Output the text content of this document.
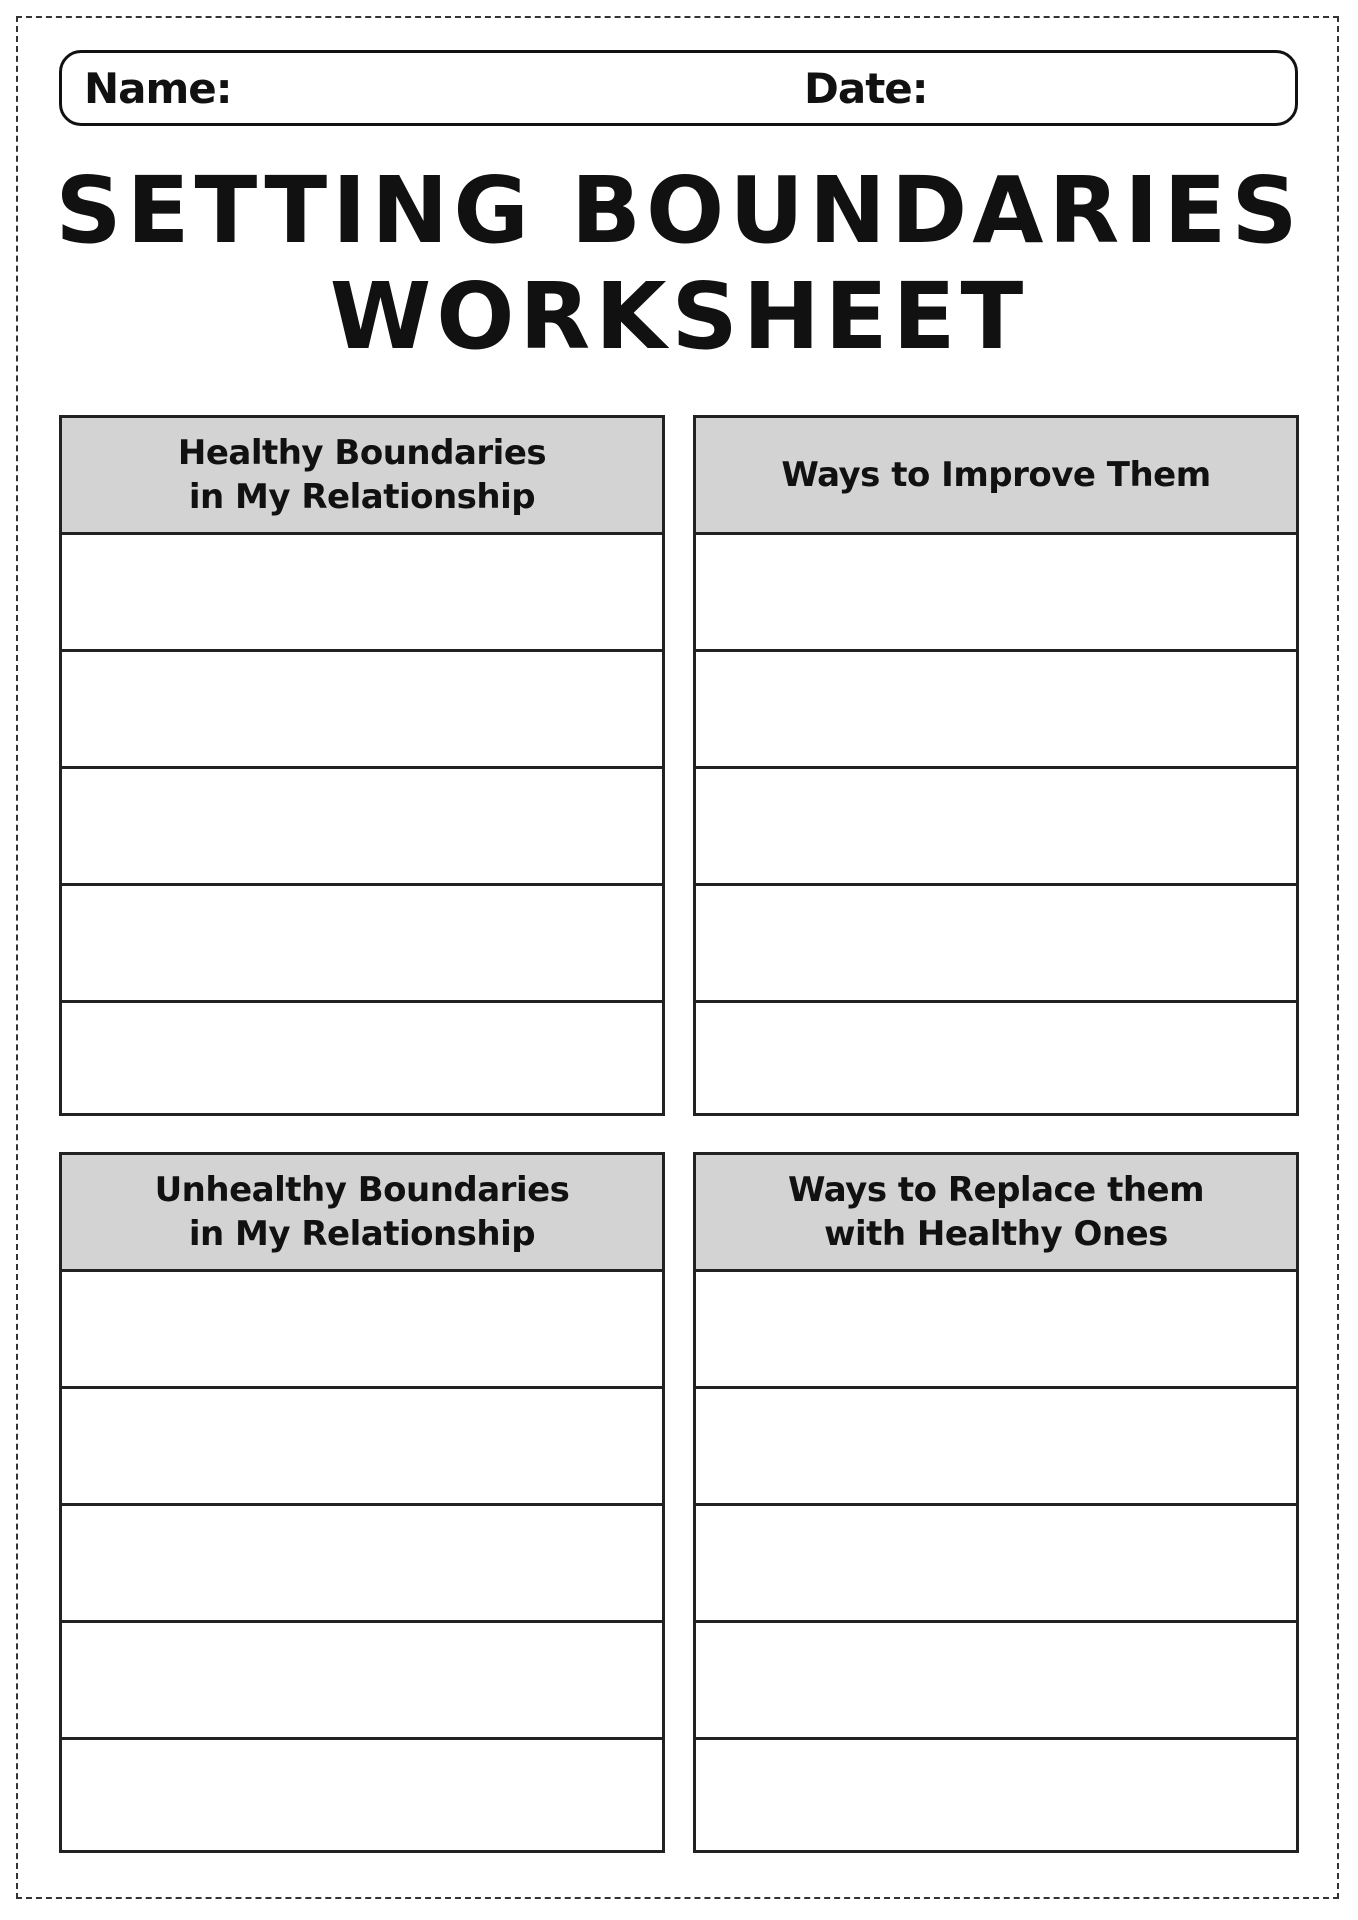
Name:	Date:
SETTING BOUNDARIES
WORKSHEET
Healthy Boundaries
in My Relationship
Ways to Improve Them
Unhealthy Boundaries
in My Relationship
Ways to Replace them
with Healthy Ones
